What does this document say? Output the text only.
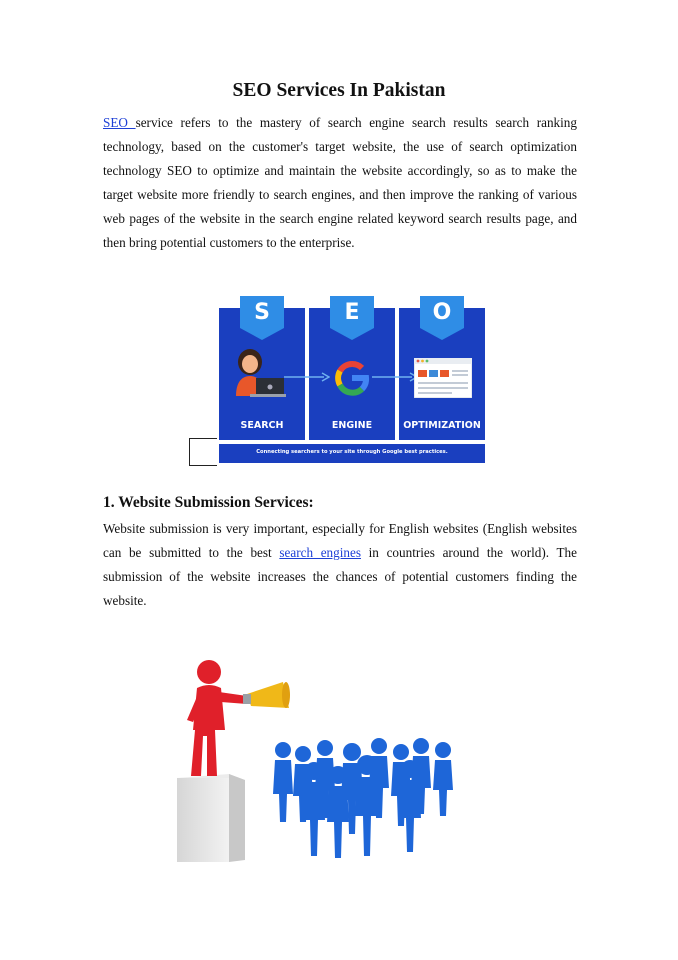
SEO Services In Pakistan

SEO service refers to the mastery of search engine search results search ranking technology, based on the customer's target website, the use of search optimization technology SEO to optimize and maintain the website accordingly, so as to make the target website more friendly to search engines, and then improve the ranking of various web pages of the website in the search engine related keyword search results page, and then bring potential customers to the enterprise.

S	E	O
SEARCH	ENGINE	OPTIMIZATION
Connecting searchers to your site through Google best practices.
1. Website Submission Services:

Website submission is very important, especially for English websites (English websites can be submitted to the best search engines in countries around the world). The submission of the website increases the chances of potential customers finding the website.
